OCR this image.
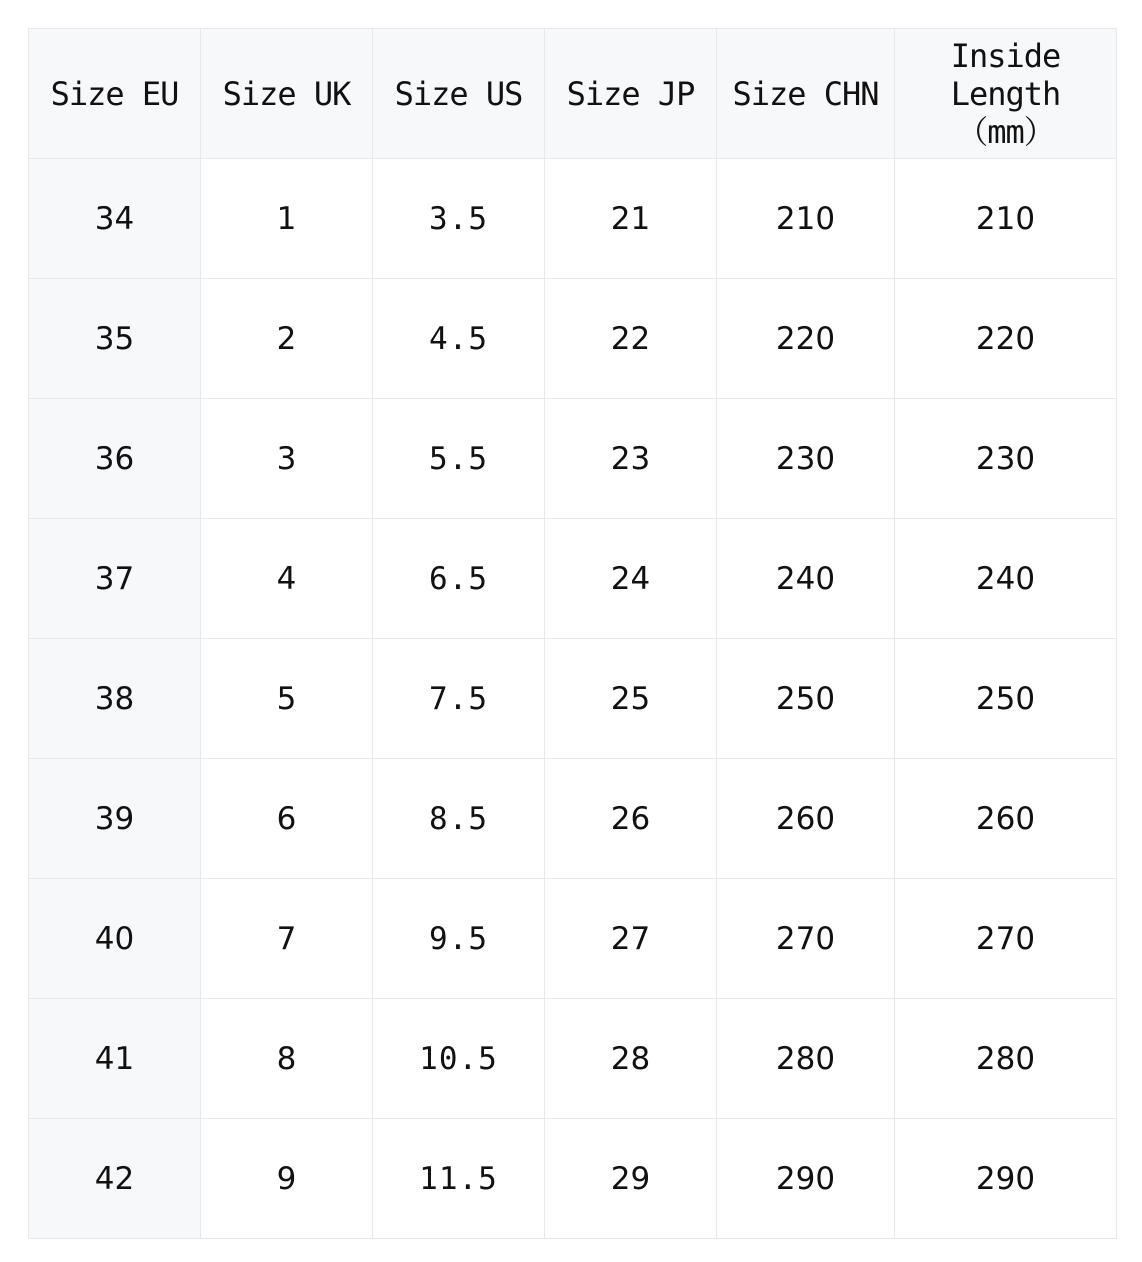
Size EU	Size UK	Size US	Size JP	Size CHN	Inside Length
（mm）

34	1	3.5	21	210	210
35	2	4.5	22	220	220
36	3	5.5	23	230	230
37	4	6.5	24	240	240
38	5	7.5	25	250	250
39	6	8.5	26	260	260
40	7	9.5	27	270	270
41	8	10.5	28	280	280
42	9	11.5	29	290	290
